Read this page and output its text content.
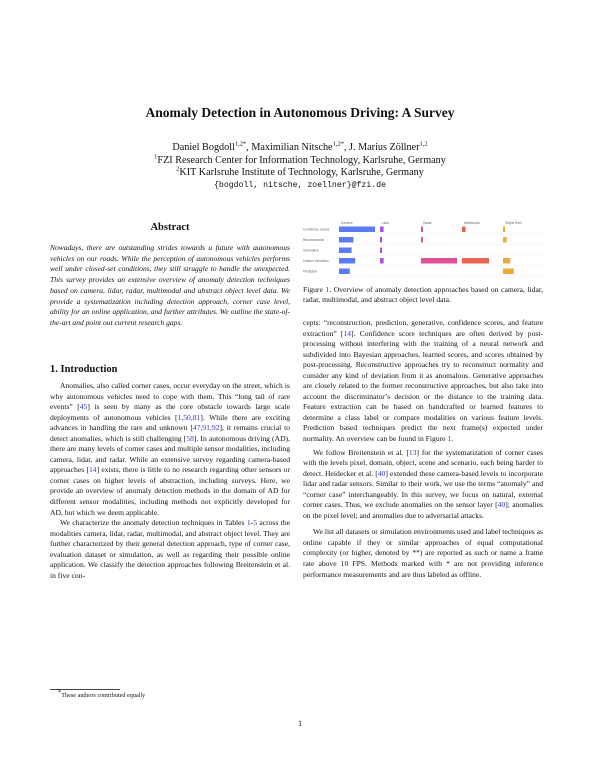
Anomaly Detection in Autonomous Driving: A Survey
Daniel Bogdoll$^{1,2*}$, Maximilian Nitsche$^{1,2*}$, J. Marius Zöllner$^{1,2}$
$^1$FZI Research Center for Information Technology, Karlsruhe, Germany
$^2$KIT Karlsruhe Institute of Technology, Karlsruhe, Germany
{bogdoll, nitsche, zoellner}@fzi.de
Abstract
Nowadays, there are outstanding strides towards a future with autonomous vehicles on our roads. While the perception of autonomous vehicles performs well under closed-set conditions, they still struggle to handle the unexpected. This survey provides an extensive overview of anomaly detection techniques based on camera, lidar, radar, multimodal and abstract object level data. We provide a systematization including detection approach, corner case level, ability for an online application, and further attributes. We outline the state-of-the-art and point out current research gaps.
1. Introduction

Anomalies, also called corner cases, occur everyday on the street, which is why autonomous vehicles need to cope with them. This “long tail of rare events” [45] is seen by many as the core obstacle towards large scale deployments of autonomous vehicles [1,50,81]. While there are exciting advances in handling the rare and unknown [47,91,92], it remains crucial to detect anomalies, which is still challenging [58]. In autonomous driving (AD), there are many levels of corner cases and multiple sensor modalities, including camera, lidar, and radar. While an extensive survey regarding camera-based approaches [14] exists, there is little to no research regarding other sensors or corner cases on higher levels of abstraction, including surveys. Here, we provide an overview of anomaly detection methods in the domain of AD for different sensor modalities, including methods not explicitly developed for AD, but which we deem applicable.

We characterize the anomaly detection techniques in Tables 1-5 across the modalities camera, lidar, radar, multimodal, and abstract object level. They are further characterized by their general detection approach, type of corner case, evaluation dataset or simulation, as well as regarding their possible online application. We classify the detection approaches following Breitenstein et al. in five con-

*These authors contributed equally
Camera	Lidar	Radar	Multimodal	Object level
Confidence scores
Reconstruction
Generative
Feature extraction
Prediction
Figure 1. Overview of anomaly detection approaches based on camera, lidar, radar, multimodal, and abstract object level data.

cepts: “reconstruction, prediction, generative, confidence scores, and feature extraction” [14]. Confidence score techniques are often derived by post-processing without interfering with the training of a neural network and subdivided into Bayesian approaches, learned scores, and scores obtained by post-processing. Reconstructive approaches try to reconstruct normality and consider any kind of deviation from it as anomalous. Generative approaches are closely related to the former reconstructive approaches, but also take into account the discriminator’s decision or the distance to the training data. Feature extraction can be based on handcrafted or learned features to determine a class label or compare modalities on various feature levels. Prediction based techniques predict the next frame(s) expected under normality. An overview can be found in Figure 1.

We follow Breitenstein et al. [13] for the systematization of corner cases with the levels pixel, domain, object, scene and scenario, each being harder to detect. Heidecker et al. [40] extended these camera-based levels to incorporate lidar and radar sensors. Similar to their work, we use the terms “anomaly” and “corner case” interchangeably. In this survey, we focus on natural, external corner cases. Thus, we exclude anomalies on the sensor layer [40]; anomalies on the pixel level; and anomalies due to adversarial attacks.

We list all datasets or simulation environments used and label techniques as online capable if they or similar approaches of equal computational complexity (or higher, denoted by **) are reported as such or name a frame rate above 10 FPS. Methods marked with * are not providing inference performance measurements and are thus labeled as offline.

1
